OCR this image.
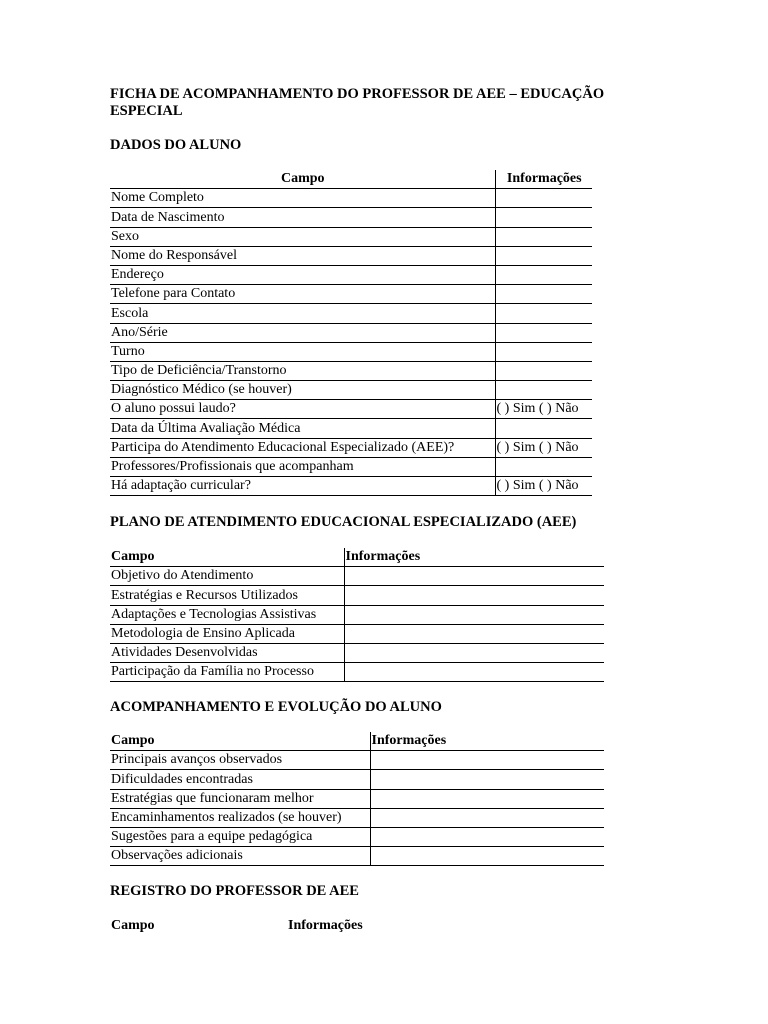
FICHA DE ACOMPANHAMENTO DO PROFESSOR DE AEE – EDUCAÇÃO ESPECIAL
DADOS DO ALUNO
Campo	Informações
Nome Completo	
Data de Nascimento	
Sexo	
Nome do Responsável	
Endereço	
Telefone para Contato	
Escola	
Ano/Série	
Turno	
Tipo de Deficiência/Transtorno	
Diagnóstico Médico (se houver)	
O aluno possui laudo?	( ) Sim ( ) Não
Data da Última Avaliação Médica	
Participa do Atendimento Educacional Especializado (AEE)?	( ) Sim ( ) Não
Professores/Profissionais que acompanham	
Há adaptação curricular?	( ) Sim ( ) Não
PLANO DE ATENDIMENTO EDUCACIONAL ESPECIALIZADO (AEE)
Campo	Informações
Objetivo do Atendimento	
Estratégias e Recursos Utilizados	
Adaptações e Tecnologias Assistivas	
Metodologia de Ensino Aplicada	
Atividades Desenvolvidas	
Participação da Família no Processo	
ACOMPANHAMENTO E EVOLUÇÃO DO ALUNO
Campo	Informações
Principais avanços observados	
Dificuldades encontradas	
Estratégias que funcionaram melhor	
Encaminhamentos realizados (se houver)	
Sugestões para a equipe pedagógica	
Observações adicionais	
REGISTRO DO PROFESSOR DE AEE
Campo	Informações
